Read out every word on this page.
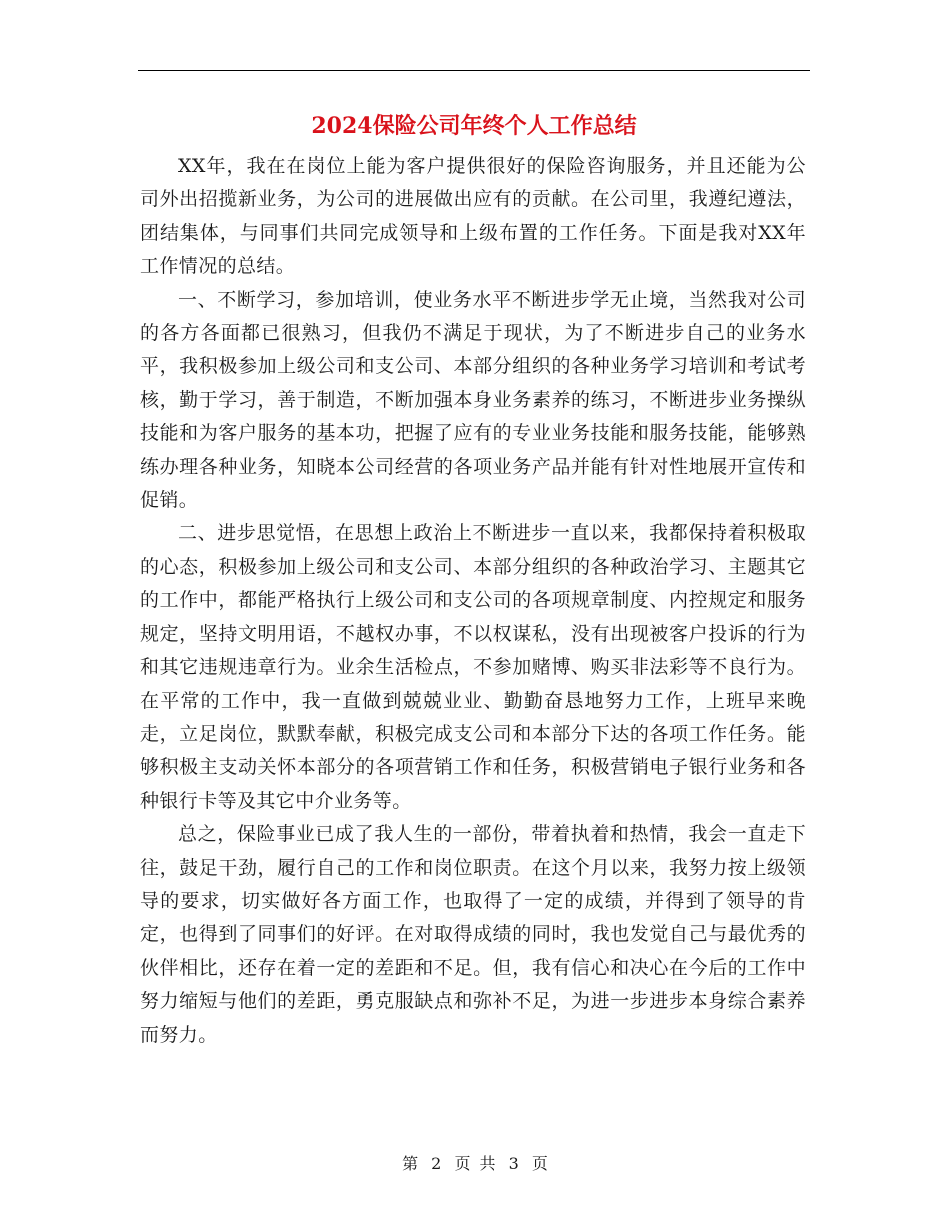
2024保险公司年终个人工作总结

XX年，我在在岗位上能为客户提供很好的保险咨询服务，并且还能为公司外出招揽新业务，为公司的进展做出应有的贡献。在公司里，我遵纪遵法，团结集体，与同事们共同完成领导和上级布置的工作任务。下面是我对XX年工作情况的总结。

一、不断学习，参加培训，使业务水平不断进步学无止境，当然我对公司的各方各面都已很熟习，但我仍不满足于现状，为了不断进步自己的业务水平，我积极参加上级公司和支公司、本部分组织的各种业务学习培训和考试考核，勤于学习，善于制造，不断加强本身业务素养的练习，不断进步业务操纵技能和为客户服务的基本功，把握了应有的专业业务技能和服务技能，能够熟练办理各种业务，知晓本公司经营的各项业务产品并能有针对性地展开宣传和促销。

二、进步思觉悟，在思想上政治上不断进步一直以来，我都保持着积极取的心态，积极参加上级公司和支公司、本部分组织的各种政治学习、主题其它的工作中，都能严格执行上级公司和支公司的各项规章制度、内控规定和服务规定，坚持文明用语，不越权办事，不以权谋私，没有出现被客户投诉的行为和其它违规违章行为。业余生活检点，不参加赌博、购买非法彩等不良行为。在平常的工作中，我一直做到兢兢业业、勤勤奋恳地努力工作，上班早来晚走，立足岗位，默默奉献，积极完成支公司和本部分下达的各项工作任务。能够积极主支动关怀本部分的各项营销工作和任务，积极营销电子银行业务和各种银行卡等及其它中介业务等。

总之，保险事业已成了我人生的一部份，带着执着和热情，我会一直走下往，鼓足干劲，履行自己的工作和岗位职责。在这个月以来，我努力按上级领导的要求，切实做好各方面工作，也取得了一定的成绩，并得到了领导的肯定，也得到了同事们的好评。在对取得成绩的同时，我也发觉自己与最优秀的伙伴相比，还存在着一定的差距和不足。但，我有信心和决心在今后的工作中努力缩短与他们的差距，勇克服缺点和弥补不足，为进一步进步本身综合素养而努力。

第 2 页 共 3 页
